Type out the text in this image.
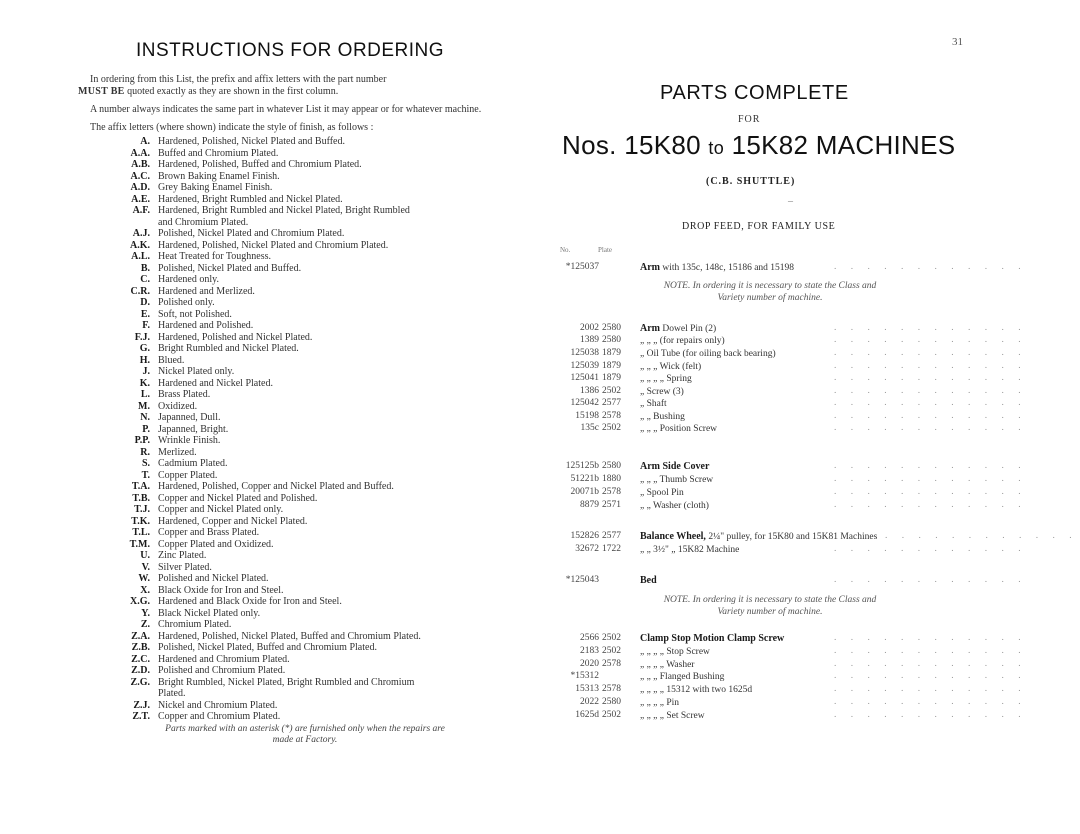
31
INSTRUCTIONS FOR ORDERING

In ordering from this List, the prefix and affix letters with the part number
MUST BE quoted exactly as they are shown in the first column.

A number always indicates the same part in whatever List it may appear or for whatever machine.

The affix letters (where shown) indicate the style of finish, as follows :

A. Hardened, Polished, Nickel Plated and Buffed.
A.A. Buffed and Chromium Plated.
A.B. Hardened, Polished, Buffed and Chromium Plated.
A.C. Brown Baking Enamel Finish.
A.D. Grey Baking Enamel Finish.
A.E. Hardened, Bright Rumbled and Nickel Plated.
A.F. Hardened, Bright Rumbled and Nickel Plated, Bright Rumbled
and Chromium Plated.
A.J. Polished, Nickel Plated and Chromium Plated.
A.K. Hardened, Polished, Nickel Plated and Chromium Plated.
A.L. Heat Treated for Toughness.
B. Polished, Nickel Plated and Buffed.
C. Hardened only.
C.R. Hardened and Merlized.
D. Polished only.
E. Soft, not Polished.
F. Hardened and Polished.
F.J. Hardened, Polished and Nickel Plated.
G. Bright Rumbled and Nickel Plated.
H. Blued.
J. Nickel Plated only.
K. Hardened and Nickel Plated.
L. Brass Plated.
M. Oxidized.
N. Japanned, Dull.
P. Japanned, Bright.
P.P. Wrinkle Finish.
R. Merlized.
S. Cadmium Plated.
T. Copper Plated.
T.A. Hardened, Polished, Copper and Nickel Plated and Buffed.
T.B. Copper and Nickel Plated and Polished.
T.J. Copper and Nickel Plated only.
T.K. Hardened, Copper and Nickel Plated.
T.L. Copper and Brass Plated.
T.M. Copper Plated and Oxidized.
U. Zinc Plated.
V. Silver Plated.
W. Polished and Nickel Plated.
X. Black Oxide for Iron and Steel.
X.G. Hardened and Black Oxide for Iron and Steel.
Y. Black Nickel Plated only.
Z. Chromium Plated.
Z.A. Hardened, Polished, Nickel Plated, Buffed and Chromium Plated.
Z.B. Polished, Nickel Plated, Buffed and Chromium Plated.
Z.C. Hardened and Chromium Plated.
Z.D. Polished and Chromium Plated.
Z.G. Bright Rumbled, Nickel Plated, Bright Rumbled and Chromium
Plated.
Z.J. Nickel and Chromium Plated.
Z.T. Copper and Chromium Plated.
Parts marked with an asterisk (*) are furnished only when the repairs are
made at Factory.
PARTS COMPLETE
FOR
Nos. 15K80 to 15K82 MACHINES
(C.B. SHUTTLE)
–
DROP FEED, FOR FAMILY USE
No.	Plate
*125037	Arm with 135c, 148c, 15186 and 15198	. . . . . . . . . . . .
2002 2580 Arm Dowel Pin (2)	. . . . . . . . . . . .
1389 2580 „ „ „ (for repairs only)	. . . . . . . . . . . .
125038 1879 „ Oil Tube (for oiling back bearing)	. . . . . . . . . . . .
125039 1879 „ „ „ Wick (felt)	. . . . . . . . . . . .
125041 1879 „ „ „ „ Spring	. . . . . . . . . . . .
1386 2502 „ Screw (3)	. . . . . . . . . . . .
125042 2577 „ Shaft	. . . . . . . . . . . .
15198 2578 „ „ Bushing	. . . . . . . . . . . .
135c 2502 „ „ „ Position Screw	. . . . . . . . . . . .
125125b 2580 Arm Side Cover	. . . . . . . . . . . .
51221b 1880 „ „ „ Thumb Screw	. . . . . . . . . . . .
20071b 2578 „ Spool Pin	. . . . . . . . . . . .
8879 2571 „ „ Washer (cloth)	. . . . . . . . . . . .
152826 2577 Balance Wheel, 2¼" pulley, for 15K80 and 15K81 Machines . . . . . . . . . . . .
32672 1722 „ „ 3½" „ 15K82 Machine	. . . . . . . . . . . .
*125043	Bed	. . . . . . . . . . . .
2566 2502 Clamp Stop Motion Clamp Screw	. . . . . . . . . . . .
2183 2502 „ „ „ „ Stop Screw	. . . . . . . . . . . .
2020 2578 „ „ „ „ Washer	. . . . . . . . . . . .
*15312	„ „ „ Flanged Bushing	. . . . . . . . . . . .
15313 2578 „ „ „ „ 15312 with two 1625d	. . . . . . . . . . . .
2022 2580 „ „ „ „ Pin	. . . . . . . . . . . .
1625d 2502 „ „ „ „ Set Screw	. . . . . . . . . . . .
NOTE. In ordering it is necessary to state the Class and
Variety number of machine.
NOTE. In ordering it is necessary to state the Class and
Variety number of machine.
